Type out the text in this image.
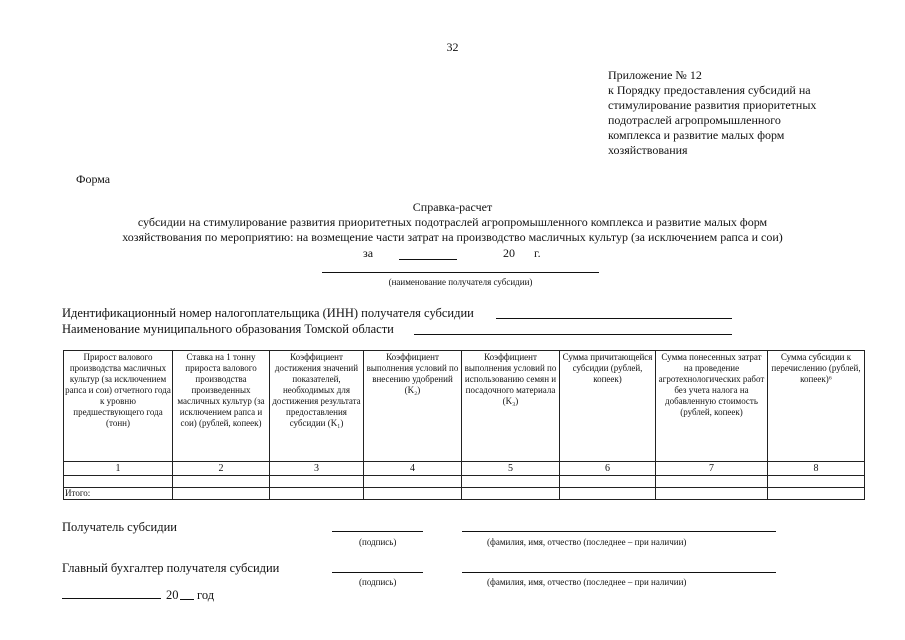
32
Приложение № 12
к Порядку предоставления субсидий на
стимулирование развития приоритетных
подотраслей агропромышленного
комплекса и развитие малых форм
хозяйствования
Форма
Справка-расчет
субсидии на стимулирование развития приоритетных подотраслей агропромышленного комплекса и развитие малых форм
хозяйствования по мероприятию: на возмещение части затрат на производство масличных культур (за исключением рапса и сои)
за	20 г.
(наименование получателя субсидии)
Идентификационный номер налогоплательщика (ИНН) получателя субсидии
Наименование муниципального образования Томской области
Прирост валового производства масличных культур (за исключением рапса и сои) отчетного года к уровню предшествующего года (тонн)	Ставка на 1 тонну прироста валового производства произведенных масличных культур (за исключением рапса и сои) (рублей, копеек)	Коэффициент достижения значений показателей, необходимых для достижения результата предоставления субсидии (K₁)	Коэффициент выполнения условий по внесению удобрений (K₂)	Коэффициент выполнения условий по использованию семян и посадочного материала (K₃)	Сумма причитающейся субсидии (рублей, копеек)	Сумма понесенных затрат на проведение агротехнологических работ без учета налога на добавленную стоимость (рублей, копеек)	Сумма субсидии к перечислению (рублей, копеек)⁶
1	2	3	4	5	6	7	8

Итого:							
Получатель субсидии
(подпись)	(фамилия, имя, отчество (последнее – при наличии)
Главный бухгалтер получателя субсидии
(подпись)	(фамилия, имя, отчество (последнее – при наличии)
20 год
